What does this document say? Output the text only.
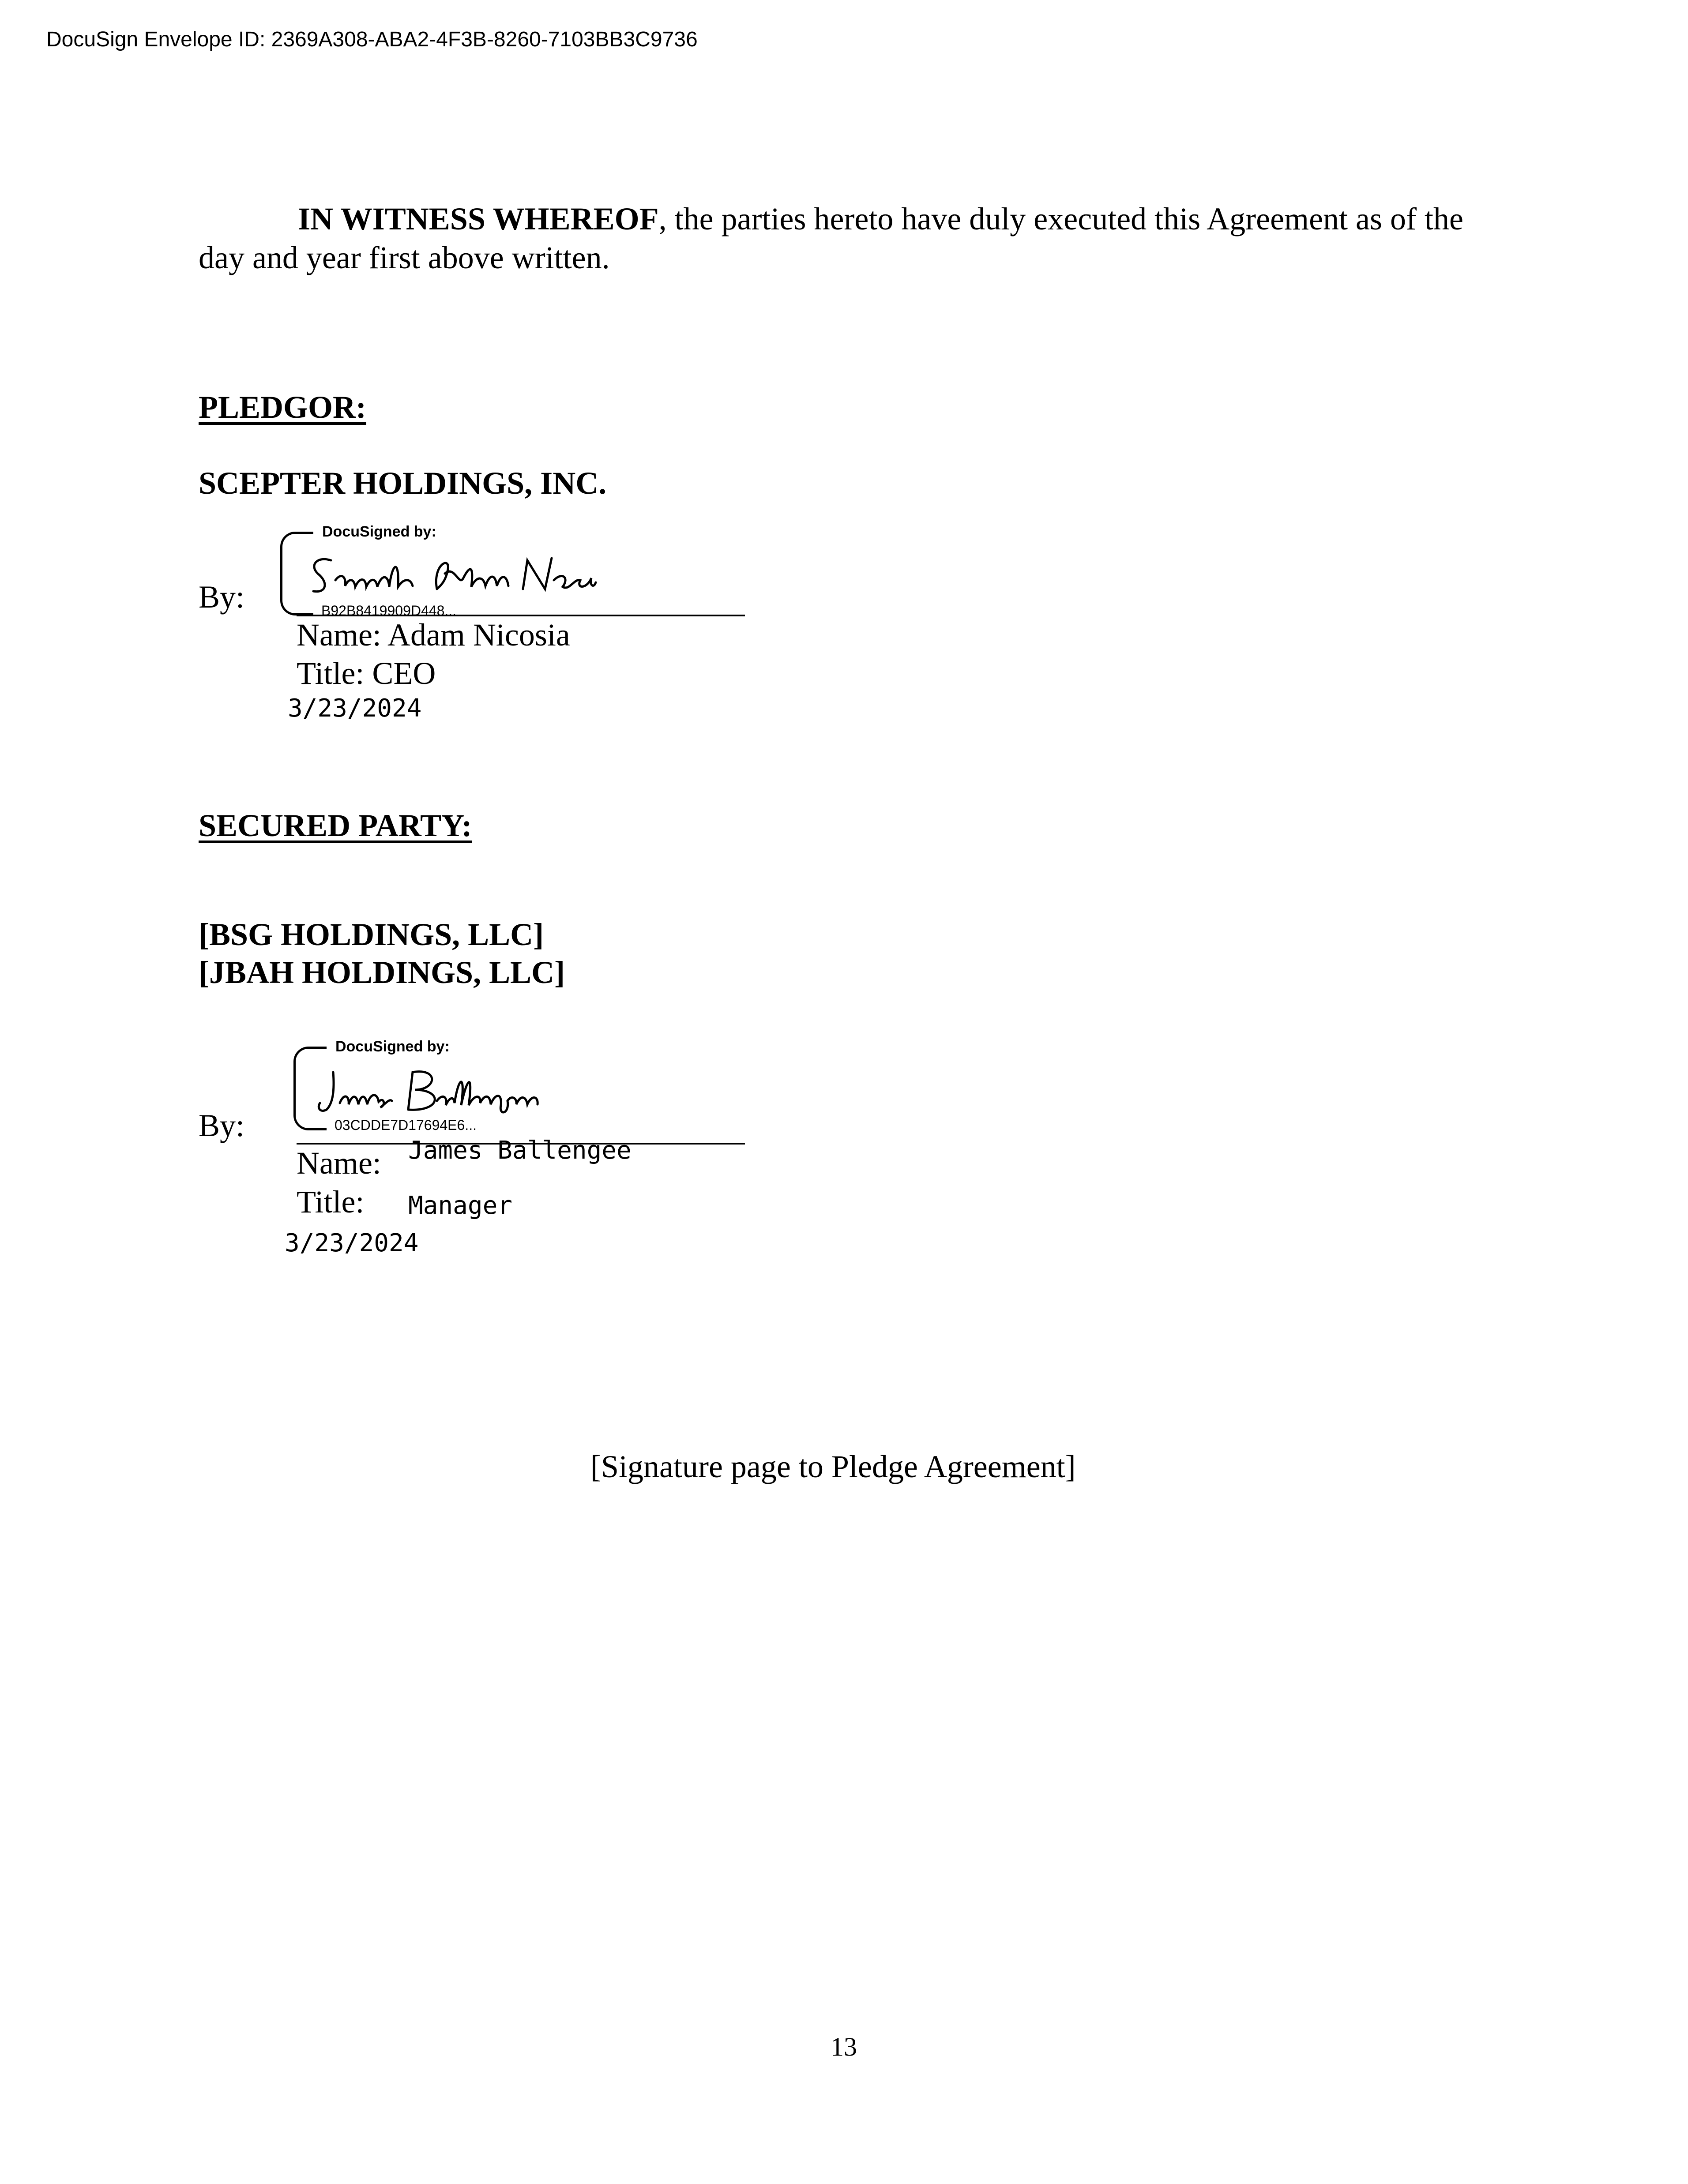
DocuSign Envelope ID: 2369A308-ABA2-4F3B-8260-7103BB3C9736
IN WITNESS WHEREOF, the parties hereto have duly executed this Agreement as of the day and year first above written.
PLEDGOR:
SCEPTER HOLDINGS, INC.
By:
DocuSigned by:
B92B8419909D448...
Name: Adam Nicosia
Title: CEO
3/23/2024
SECURED PARTY:
[BSG HOLDINGS, LLC]
[JBAH HOLDINGS, LLC]
By:
DocuSigned by:
03CDDE7D17694E6...
Name: James Ballengee
Title: Manager
3/23/2024
[Signature page to Pledge Agreement]
13
